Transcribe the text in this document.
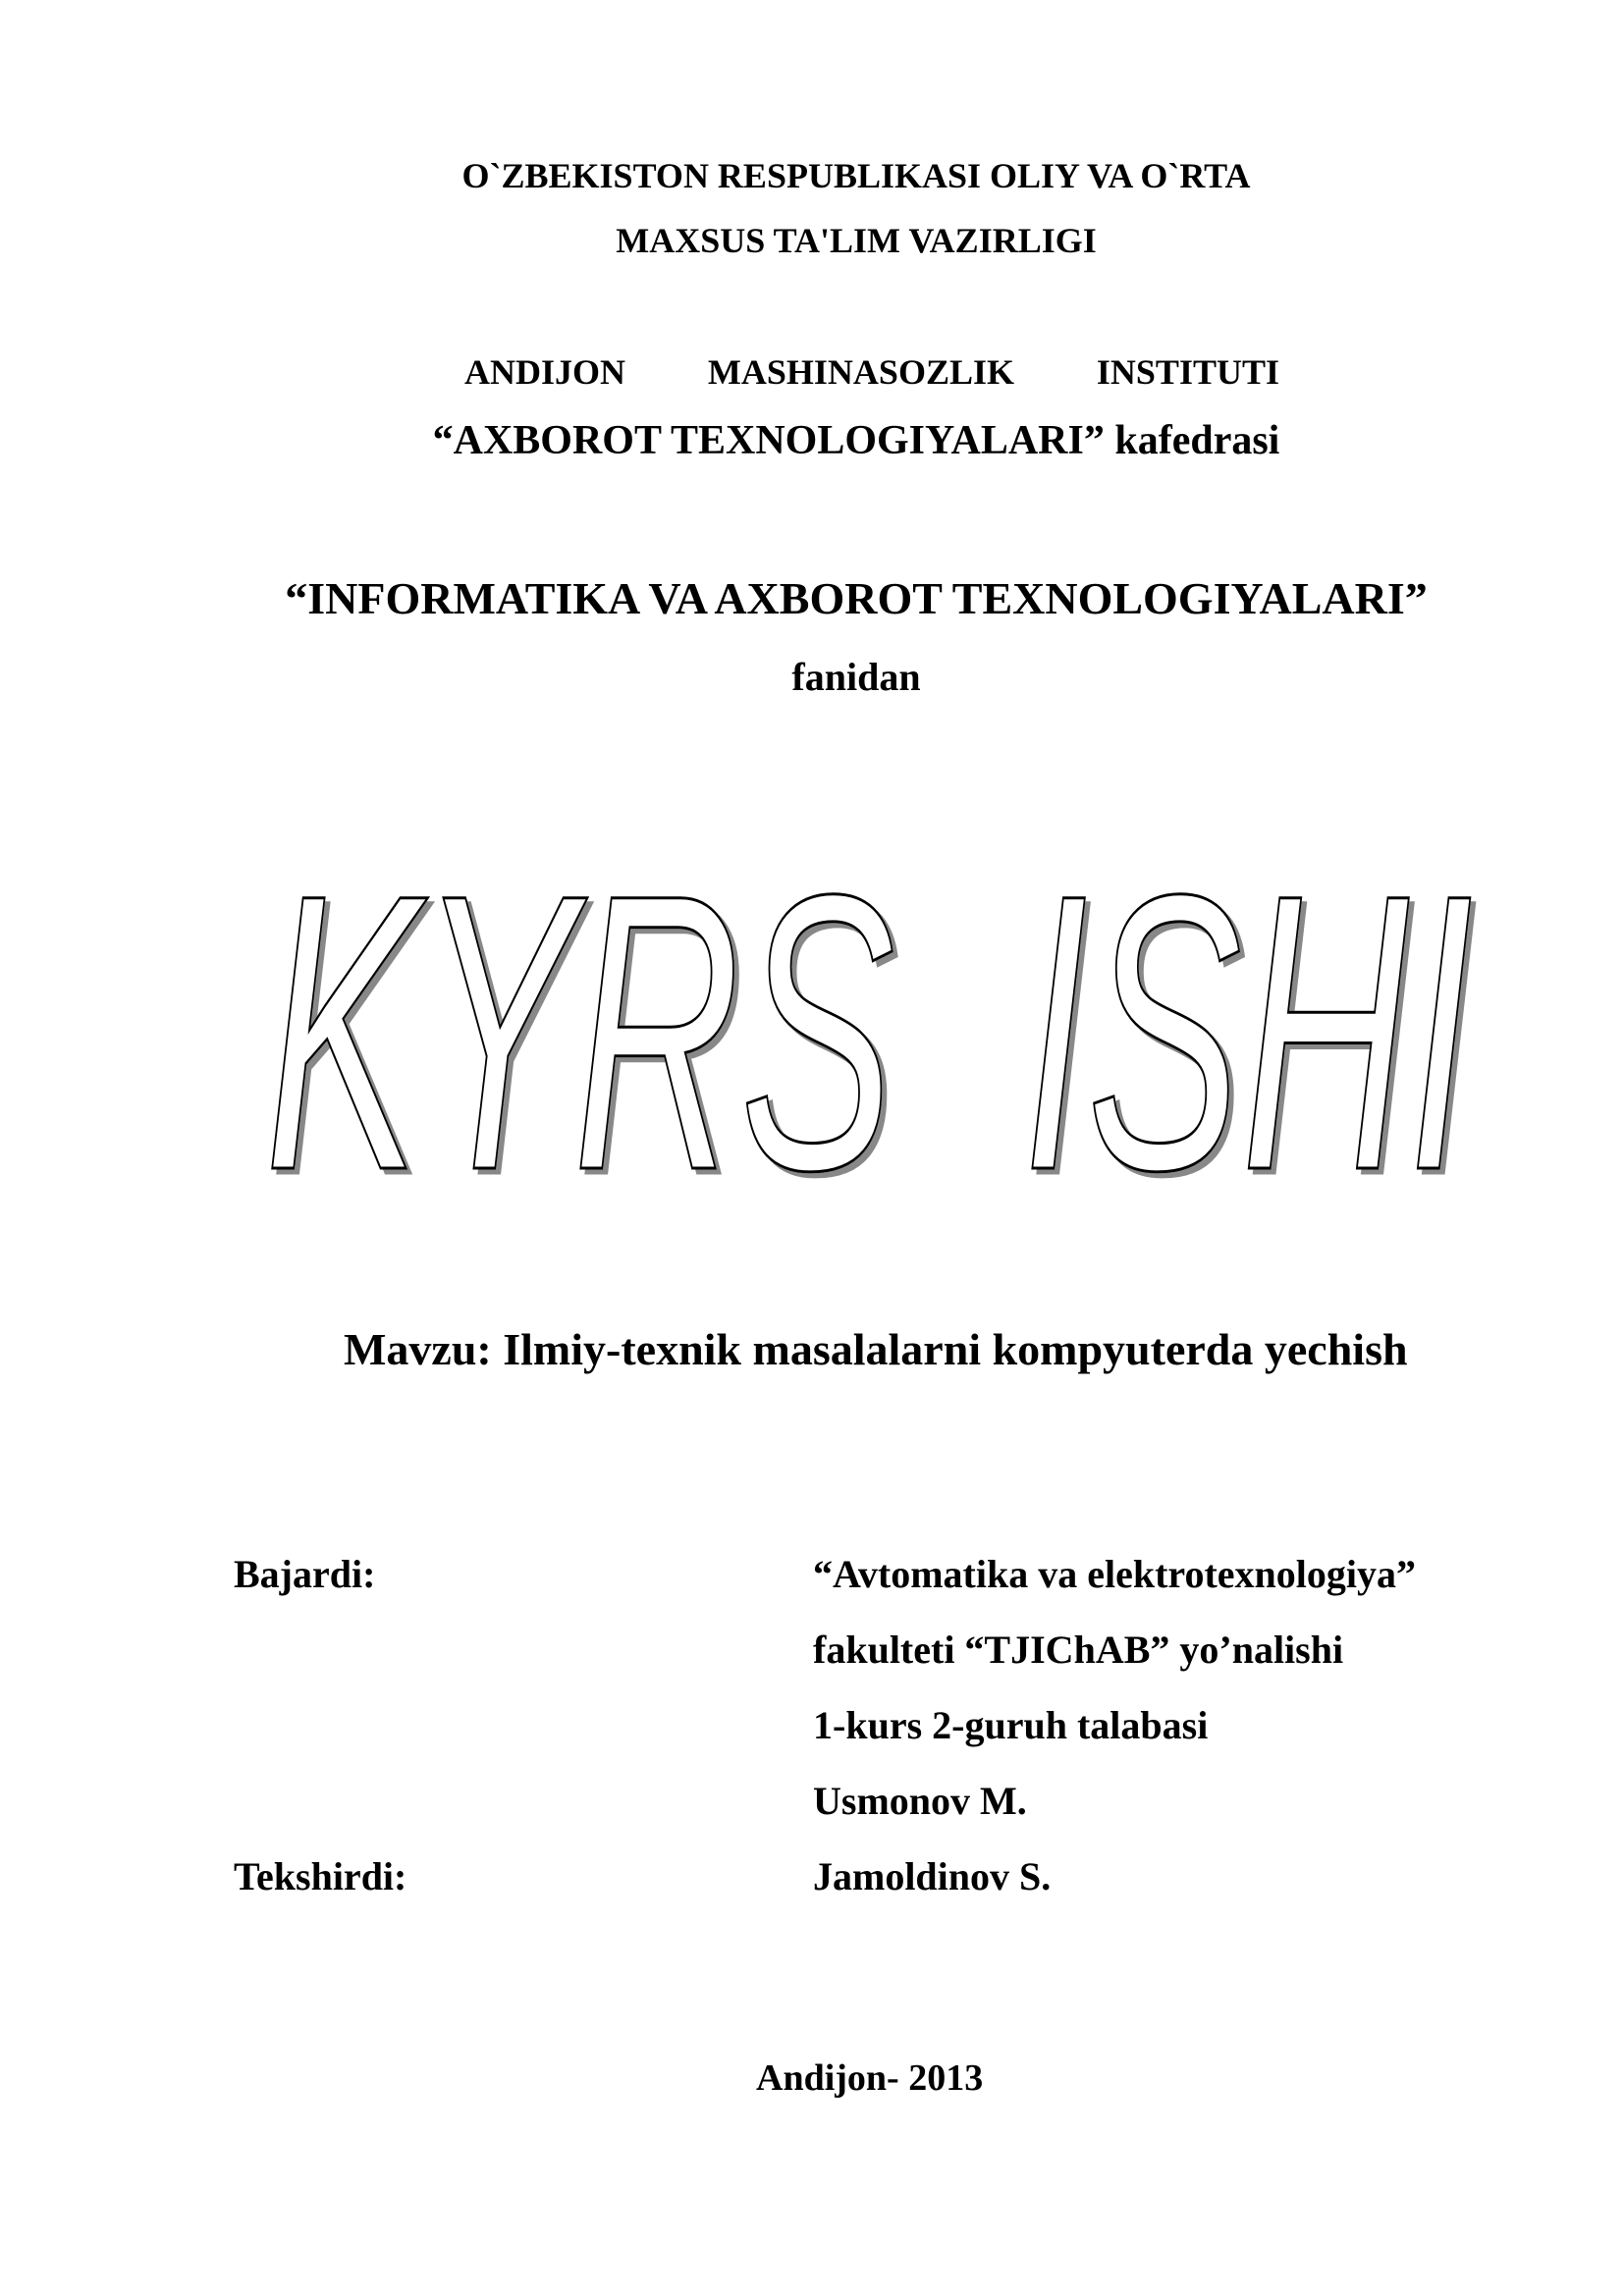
O`ZBEKISTON RESPUBLIKASI OLIY VA O`RTA
MAXSUS TA'LIM VAZIRLIGI
ANDIJON MASHINASOZLIK INSTITUTI
“AXBOROT TEXNOLOGIYALARI” kafedrasi
“INFORMATIKA VA AXBOROT TEXNOLOGIYALARI”
fanidan
KYRS  ISHI
Mavzu: Ilmiy-texnik masalalarni kompyuterda yechish
Bajardi:	“Avtomatika va elektrotexnologiya”
fakulteti “TJIChAB” yo’nalishi
1-kurs 2-guruh talabasi
Usmonov M.
Tekshirdi:	Jamoldinov S.
Andijon- 2013
